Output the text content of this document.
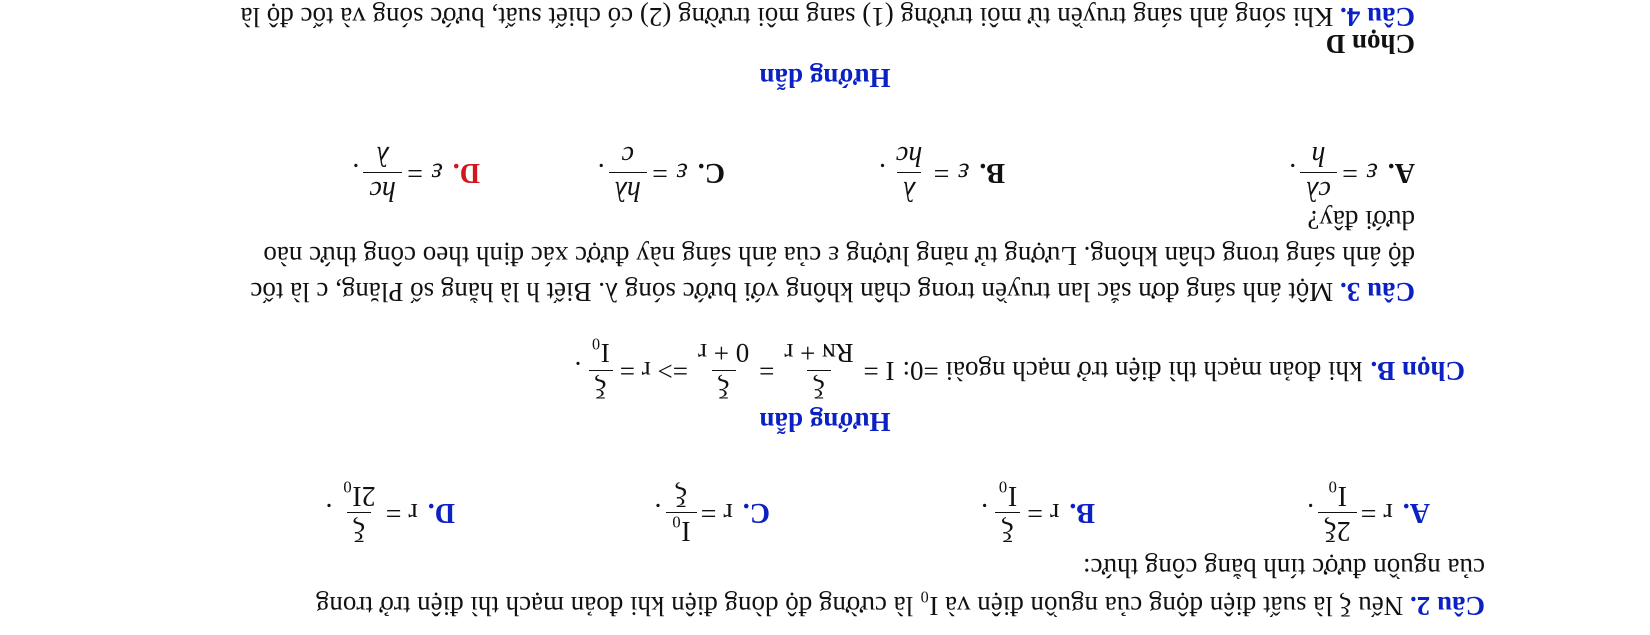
Câu 2. Nếu ξ là suất điện động của nguồn điện và I₀ là cường độ dòng điện khi đoản mạch thì điện trở trong
của nguồn được tính bằng công thức:
A.
r =
2ξ
I₀
.
B.
r =
ξ
I₀
.
C.
r =
I₀
ξ
.
D.
r =
ξ
2I₀
.
Hướng dẫn
Chọn B.
khi đoản mạch thì điện trở mạch ngoài =0:
I =
ξ
Rɴ + r
=
ξ
0 + r
=> r =
ξ
I₀
.
Câu 3. Một ánh sáng đơn sắc lan truyền trong chân không với bước sóng λ. Biết h là hằng số Plăng, c là tốc
độ ánh sáng trong chân không. Lượng tử năng lượng ε của ánh sáng này được xác định theo công thức nào
dưới đây?
A.
ε =
cλ
h
.
B.
ε =
λ
hc
.
C.
ε =
hλ
c
.
D.
ε =
hc
λ
.
Hướng dẫn
Chọn D
Câu 4. Khi sóng ánh sáng truyền từ môi trường (1) sang môi trường (2) có chiết suất, bước sóng và tốc độ là
